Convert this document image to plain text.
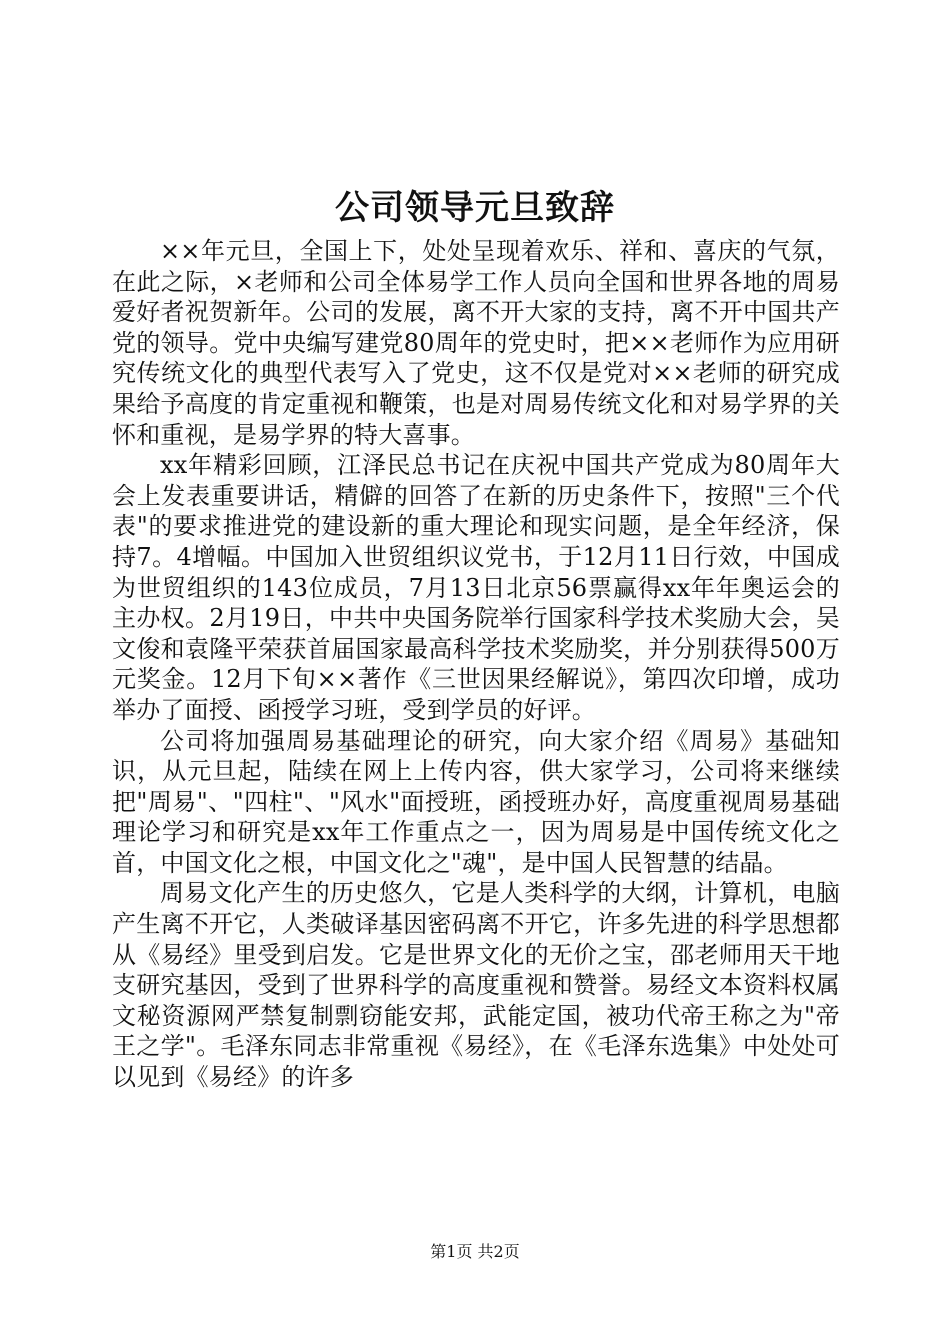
公司领导元旦致辞

××年元旦，全国上下，处处呈现着欢乐、祥和、喜庆的气氛，在此之际，×老师和公司全体易学工作人员向全国和世界各地的周易爱好者祝贺新年。公司的发展，离不开大家的支持，离不开中国共产党的领导。党中央编写建党80周年的党史时，把××老师作为应用研究传统文化的典型代表写入了党史，这不仅是党对××老师的研究成果给予高度的肯定重视和鞭策，也是对周易传统文化和对易学界的关怀和重视，是易学界的特大喜事。

xx年精彩回顾，江泽民总书记在庆祝中国共产党成为80周年大会上发表重要讲话，精僻的回答了在新的历史条件下，按照"三个代表"的要求推进党的建设新的重大理论和现实问题，是全年经济，保持7。4增幅。中国加入世贸组织议党书，于12月11日行效，中国成为世贸组织的143位成员，7月13日北京56票赢得xx年年奥运会的主办权。2月19日，中共中央国务院举行国家科学技术奖励大会，吴文俊和袁隆平荣获首届国家最高科学技术奖励奖，并分别获得500万元奖金。12月下旬××著作《三世因果经解说》，第四次印增，成功举办了面授、函授学习班，受到学员的好评。

公司将加强周易基础理论的研究，向大家介绍《周易》基础知识，从元旦起，陆续在网上上传内容，供大家学习，公司将来继续把"周易"、"四柱"、"风水"面授班，函授班办好，高度重视周易基础理论学习和研究是xx年工作重点之一，因为周易是中国传统文化之首，中国文化之根，中国文化之"魂"，是中国人民智慧的结晶。

周易文化产生的历史悠久，它是人类科学的大纲，计算机，电脑产生离不开它，人类破译基因密码离不开它，许多先进的科学思想都从《易经》里受到启发。它是世界文化的无价之宝，邵老师用天干地支研究基因，受到了世界科学的高度重视和赞誉。易经文本资料权属文秘资源网严禁复制剽窃能安邦，武能定国，被功代帝王称之为"帝王之学"。毛泽东同志非常重视《易经》，在《毛泽东选集》中处处可以见到《易经》的许多

第1页 共2页
